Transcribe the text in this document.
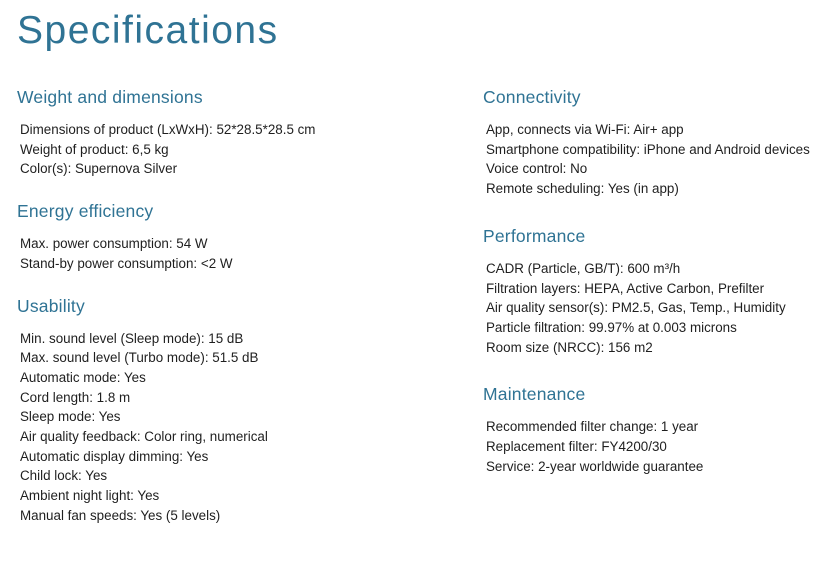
Specifications
Weight and dimensions
Dimensions of product (LxWxH): 52*28.5*28.5 cm
Weight of product: 6,5 kg
Color(s): Supernova Silver
Energy efficiency
Max. power consumption: 54 W
Stand-by power consumption: <2 W
Usability
Min. sound level (Sleep mode): 15 dB
Max. sound level (Turbo mode): 51.5 dB
Automatic mode: Yes
Cord length: 1.8 m
Sleep mode: Yes
Air quality feedback: Color ring, numerical
Automatic display dimming: Yes
Child lock: Yes
Ambient night light: Yes
Manual fan speeds: Yes (5 levels)
Connectivity
App, connects via Wi-Fi: Air+ app
Smartphone compatibility: iPhone and Android devices
Voice control: No
Remote scheduling: Yes (in app)
Performance
CADR (Particle, GB/T): 600 m³/h
Filtration layers: HEPA, Active Carbon, Prefilter
Air quality sensor(s): PM2.5, Gas, Temp., Humidity
Particle filtration: 99.97% at 0.003 microns
Room size (NRCC): 156 m2
Maintenance
Recommended filter change: 1 year
Replacement filter: FY4200/30
Service: 2-year worldwide guarantee
